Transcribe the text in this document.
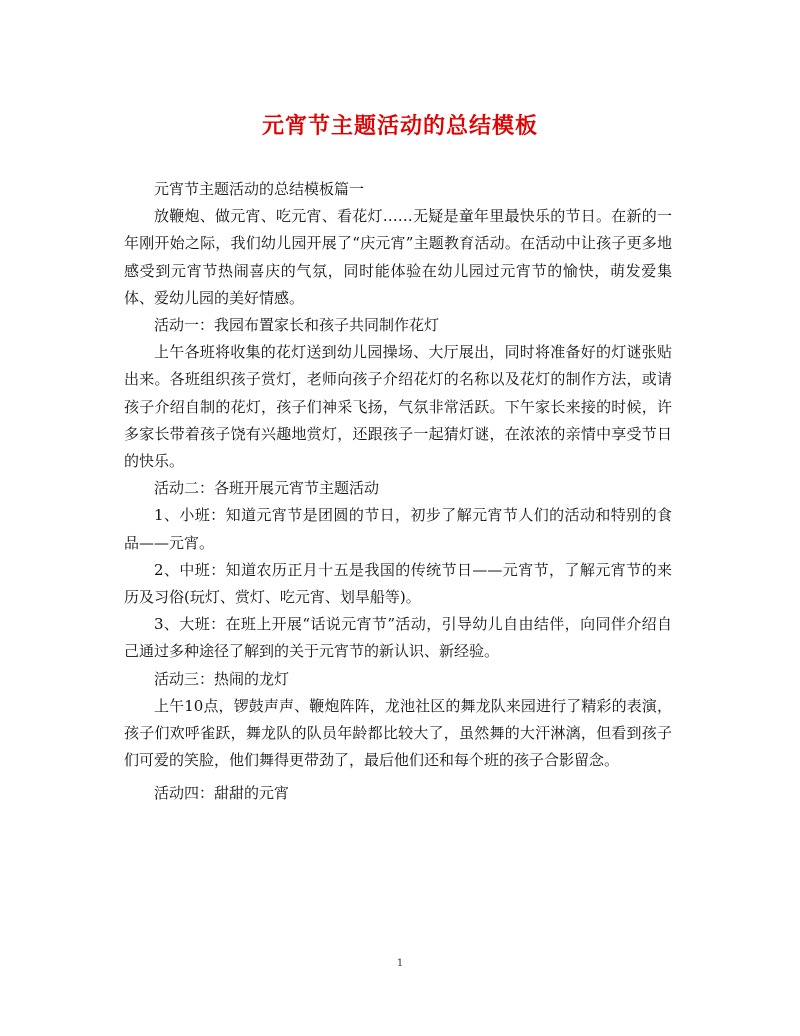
元宵节主题活动的总结模板

元宵节主题活动的总结模板篇一

放鞭炮、做元宵、吃元宵、看花灯……无疑是童年里最快乐的节日。在新的一年刚开始之际，我们幼儿园开展了“庆元宵”主题教育活动。在活动中让孩子更多地感受到元宵节热闹喜庆的气氛，同时能体验在幼儿园过元宵节的愉快，萌发爱集体、爱幼儿园的美好情感。

活动一：我园布置家长和孩子共同制作花灯

上午各班将收集的花灯送到幼儿园操场、大厅展出，同时将准备好的灯谜张贴出来。各班组织孩子赏灯，老师向孩子介绍花灯的名称以及花灯的制作方法，或请孩子介绍自制的花灯，孩子们神采飞扬，气氛非常活跃。下午家长来接的时候，许多家长带着孩子饶有兴趣地赏灯，还跟孩子一起猜灯谜，在浓浓的亲情中享受节日的快乐。

活动二：各班开展元宵节主题活动

1、小班：知道元宵节是团圆的节日，初步了解元宵节人们的活动和特别的食品——元宵。

2、中班：知道农历正月十五是我国的传统节日——元宵节，了解元宵节的来历及习俗(玩灯、赏灯、吃元宵、划旱船等)。

3、大班：在班上开展“话说元宵节”活动，引导幼儿自由结伴，向同伴介绍自己通过多种途径了解到的关于元宵节的新认识、新经验。

活动三：热闹的龙灯

上午10点，锣鼓声声、鞭炮阵阵，龙池社区的舞龙队来园进行了精彩的表演，孩子们欢呼雀跃，舞龙队的队员年龄都比较大了，虽然舞的大汗淋漓，但看到孩子们可爱的笑脸，他们舞得更带劲了，最后他们还和每个班的孩子合影留念。

活动四：甜甜的元宵

1
